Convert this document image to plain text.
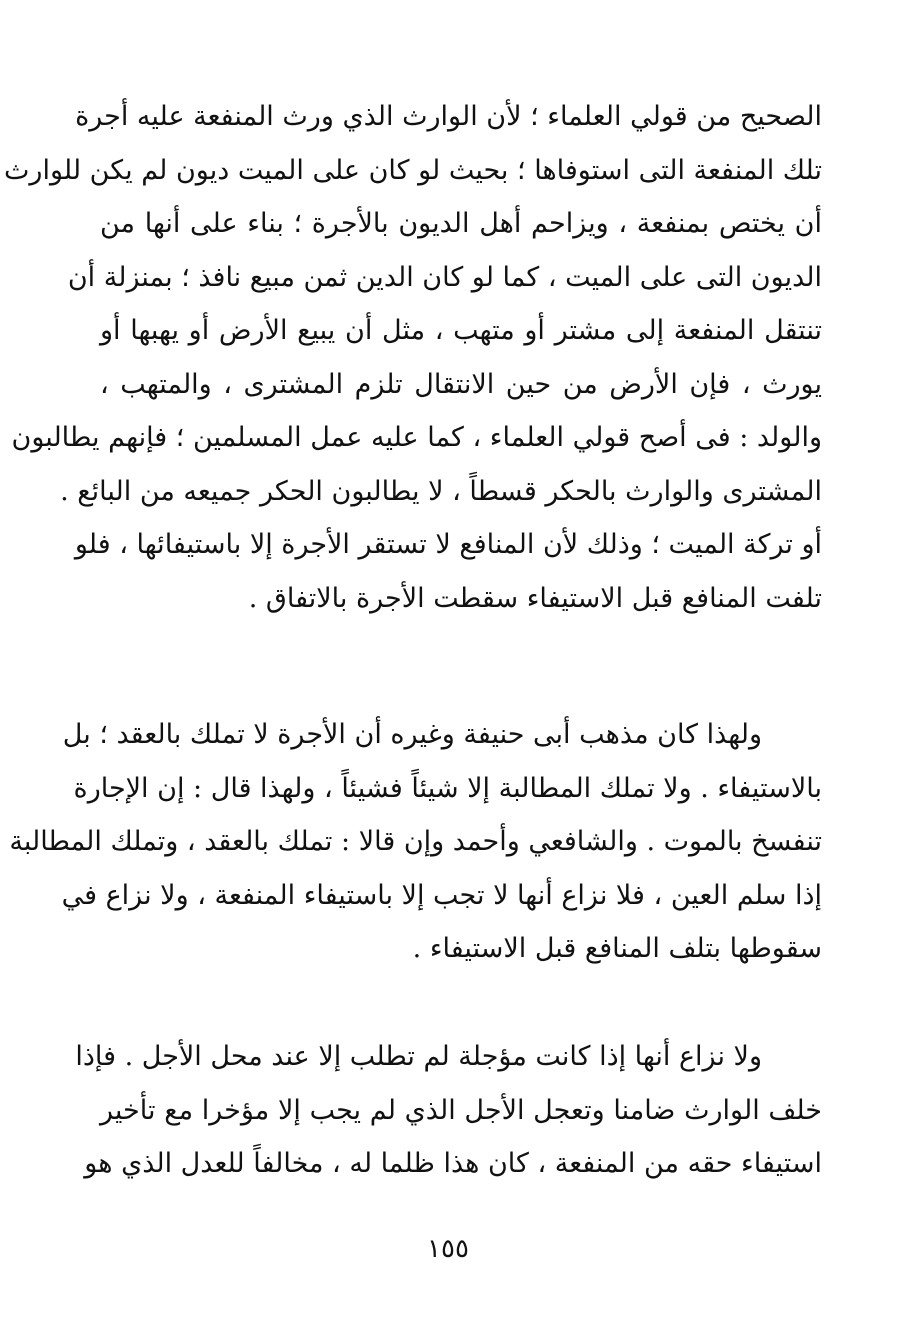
الصحيح من قولي العلماء ؛ لأن الوارث الذي ورث المنفعة عليه أجرة
تلك المنفعة التى استوفاها ؛ بحيث لو كان على الميت ديون لم يكن للوارث
أن يختص بمنفعة ، ويزاحم أهل الديون بالأجرة ؛ بناء على أنها من
الديون التى على الميت ، كما لو كان الدين ثمن مبيع نافذ ؛ بمنزلة أن
تنتقل المنفعة إلى مشتر أو متهب ، مثل أن يبيع الأرض أو يهبها أو
يورث ، فإن الأرض من حين الانتقال تلزم المشترى ، والمتهب ،
والولد : فى أصح قولي العلماء ، كما عليه عمل المسلمين ؛ فإنهم يطالبون
المشترى والوارث بالحكر قسطاً ، لا يطالبون الحكر جميعه من البائع .
أو تركة الميت ؛ وذلك لأن المنافع لا تستقر الأجرة إلا باستيفائها ، فلو
تلفت المنافع قبل الاستيفاء سقطت الأجرة بالاتفاق .
ولهذا كان مذهب أبى حنيفة وغيره أن الأجرة لا تملك بالعقد ؛ بل
بالاستيفاء . ولا تملك المطالبة إلا شيئاً فشيئاً ، ولهذا قال : إن الإجارة
تنفسخ بالموت . والشافعي وأحمد وإن قالا : تملك بالعقد ، وتملك المطالبة
إذا سلم العين ، فلا نزاع أنها لا تجب إلا باستيفاء المنفعة ، ولا نزاع في
سقوطها بتلف المنافع قبل الاستيفاء .
ولا نزاع أنها إذا كانت مؤجلة لم تطلب إلا عند محل الأجل . فإذا
خلف الوارث ضامنا وتعجل الأجل الذي لم يجب إلا مؤخرا مع تأخير
استيفاء حقه من المنفعة ، كان هذا ظلما له ، مخالفاً للعدل الذي هو
١٥٥
